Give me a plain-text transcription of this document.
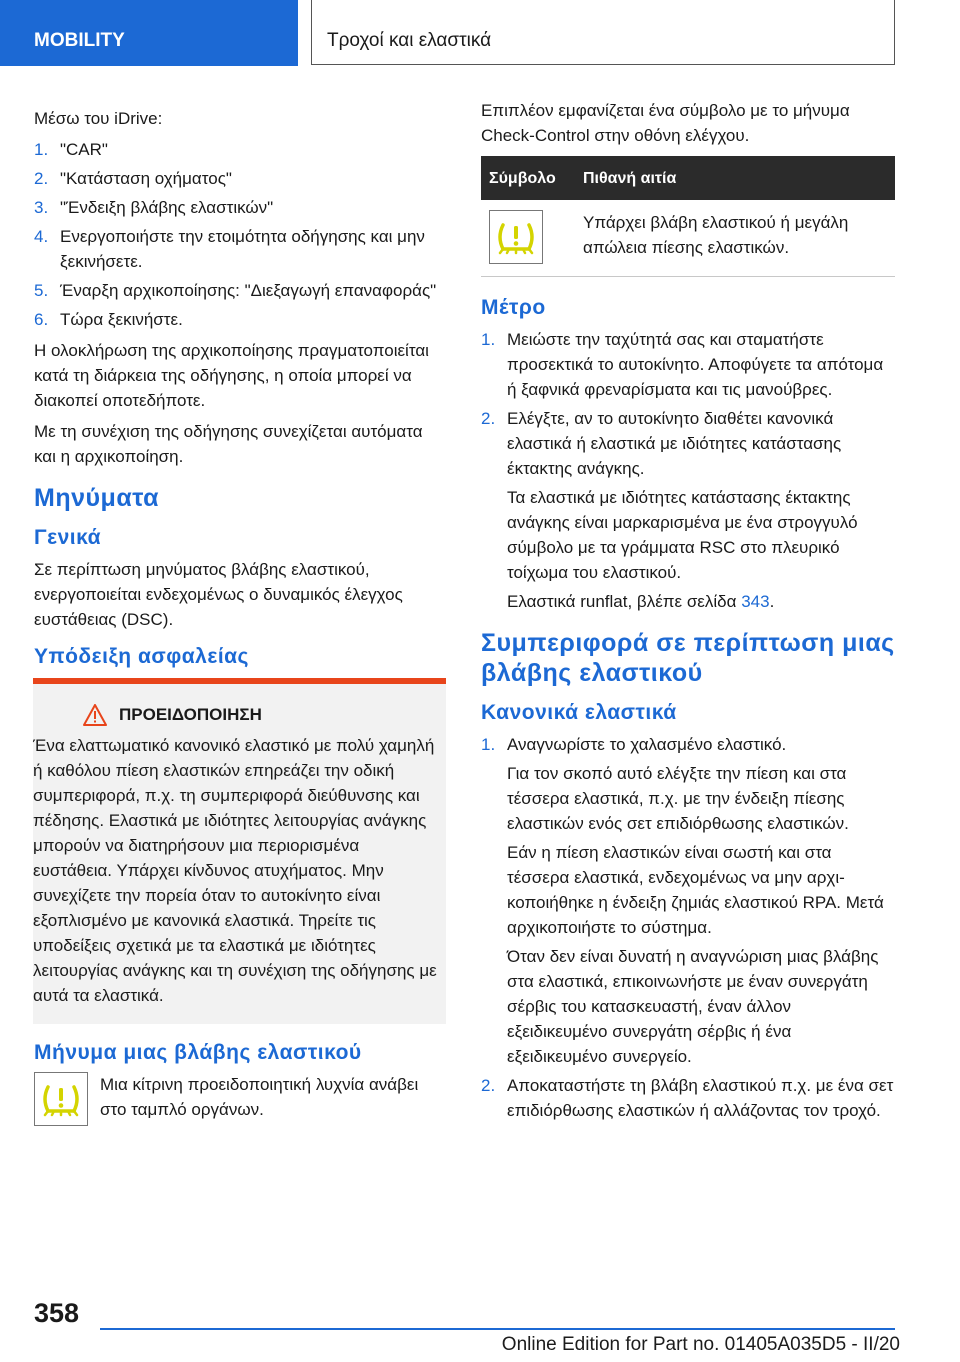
MOBILITY	Τροχοί και ελαστικά

Μέσω του iDrive:

1. "CAR"
2. "Κατάσταση οχήματος"
3. "Ένδειξη βλάβης ελαστικών"
4. Ενεργοποιήστε την ετοιμότητα οδήγησης και μην ξεκινήσετε.
5. Έναρξη αρχικοποίησης: "Διεξαγωγή επαναφοράς"
6. Τώρα ξεκινήστε.

Η ολοκλήρωση της αρχικοποίησης πραγματοποιείται κατά τη διάρκεια της οδήγησης, η οποία μπορεί να διακοπεί οποτεδήποτε.

Με τη συνέχιση της οδήγησης συνεχίζεται αυτόματα και η αρχικοποίηση.

Μηνύματα
Γενικά

Σε περίπτωση μηνύματος βλάβης ελαστικού, ενεργοποιείται ενδεχομένως ο δυναμικός έλεγχος ευστάθειας (DSC).

Υπόδειξη ασφαλείας
ΠΡΟΕΙΔΟΠΟΙΗΣΗ
Ένα ελαττωματικό κανονικό ελαστικό με πολύ χαμηλή ή καθόλου πίεση ελαστικών επηρεάζει την οδική συμπεριφορά, π.χ. τη συμπεριφορά διεύθυνσης και πέδησης. Ελαστικά με ιδιότητες λειτουργίας ανάγκης μπορούν να διατηρήσουν μια περιορισμένα ευστάθεια. Υπάρχει κίνδυνος ατυχήματος. Μην συνεχίζετε την πορεία όταν το αυτοκίνητο είναι εξοπλισμένο με κανονικά ελαστικά. Τηρείτε τις υποδείξεις σχετικά με τα ελαστικά με ιδιότητες λειτουργίας ανάγκης και τη συνέχιση της οδήγησης με αυτά τα ελαστικά.
Μήνυμα μιας βλάβης ελαστικού

Μια κίτρινη προειδοποιητική λυχνία ανάβει στο ταμπλό οργάνων.

Επιπλέον εμφανίζεται ένα σύμβολο με το μήνυμα Check-Control στην οθόνη ελέγχου.

Σύμβολο	Πιθανή αιτία

	Υπάρχει βλάβη ελαστικού ή μεγάλη απώλεια πίεσης ελαστικών.
Μέτρο
1. Μειώστε την ταχύτητά σας και σταματήστε προσεκτικά το αυτοκίνητο. Αποφύγετε τα απότομα ή ξαφνικά φρεναρίσματα και τις μανούβρες.
2. Ελέγξτε, αν το αυτοκίνητο διαθέτει κανονικά ελαστικά ή ελαστικά με ιδιότητες κατάστασης έκτακτης ανάγκης.
Τα ελαστικά με ιδιότητες κατάστασης έκτακτης ανάγκης είναι μαρκαρισμένα με ένα στρογγυλό σύμβολο με τα γράμματα RSC στο πλευρικό τοίχωμα του ελαστικού.
Ελαστικά runflat, βλέπε σελίδα 343.
Συμπεριφορά σε περίπτωση μιας βλάβης ελαστικού
Κανονικά ελαστικά
1. Αναγνωρίστε το χαλασμένο ελαστικό.
Για τον σκοπό αυτό ελέγξτε την πίεση και στα τέσσερα ελαστικά, π.χ. με την ένδειξη πίεσης ελαστικών ενός σετ επιδιόρθωσης ελαστικών.
Εάν η πίεση ελαστικών είναι σωστή και στα τέσσερα ελαστικά, ενδεχομένως να μην αρχικοποιήθηκε η ένδειξη ζημιάς ελαστικού RPA. Μετά αρχικοποιήστε το σύστημα.
Όταν δεν είναι δυνατή η αναγνώριση μιας βλάβης στα ελαστικά, επικοινωνήστε με έναν συνεργάτη σέρβις του κατασκευαστή, έναν άλλον εξειδικευμένο συνεργάτη σέρβις ή ένα εξειδικευμένο συνεργείο.
2. Αποκαταστήστε τη βλάβη ελαστικού π.χ. με ένα σετ επιδιόρθωσης ελαστικών ή αλλάζοντας τον τροχό.
358
Online Edition for Part no. 01405A035D5 - II/20
